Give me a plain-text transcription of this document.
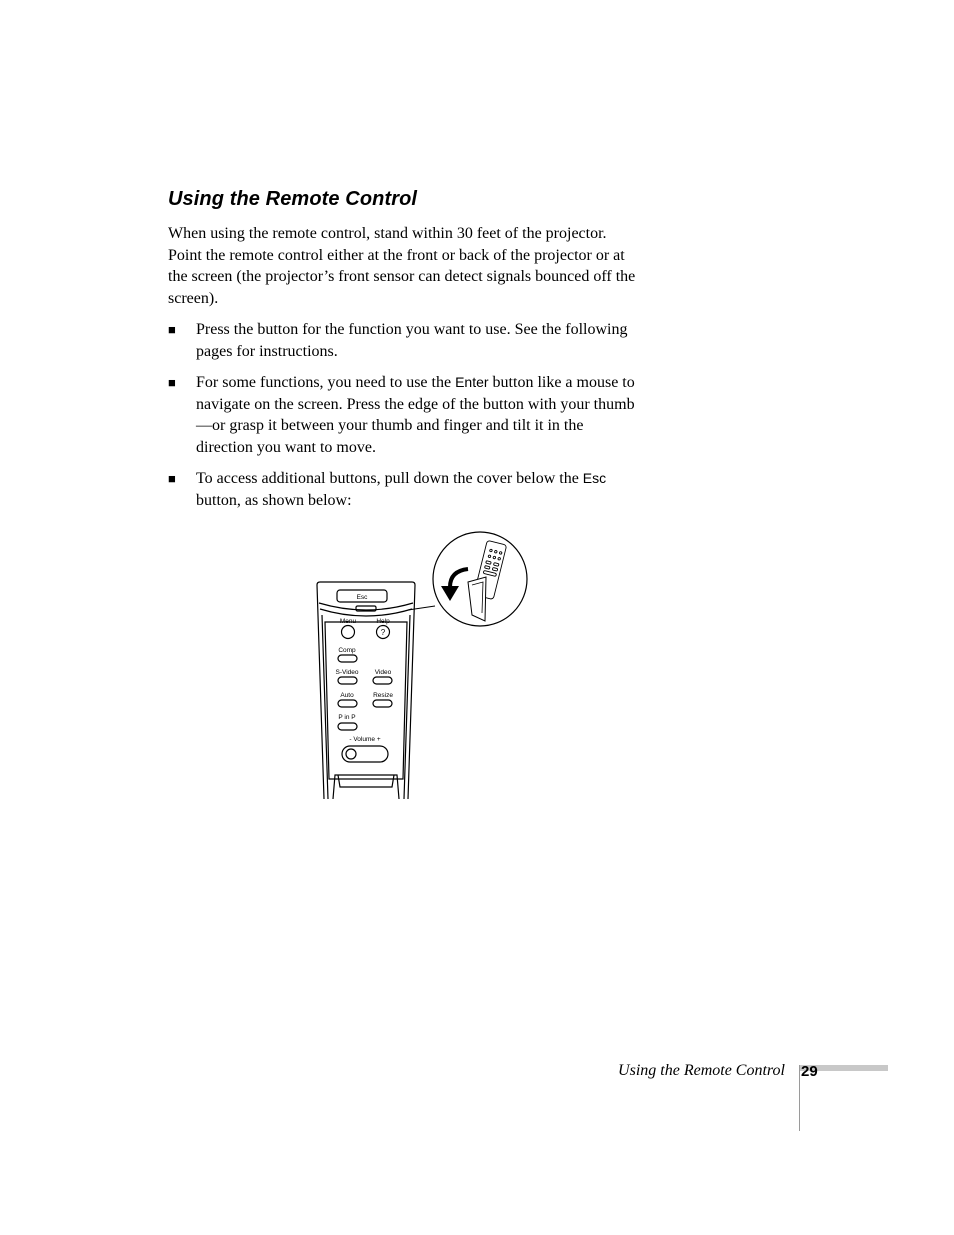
Using the Remote Control

When using the remote control, stand within 30 feet of the projector. Point the remote control either at the front or back of the projector or at the screen (the projector’s front sensor can detect signals bounced off the screen).

■ Press the button for the function you want to use. See the following pages for instructions.
■ For some functions, you need to use the Enter button like a mouse to navigate on the screen. Press the edge of the button with your thumb—or grasp it between your thumb and finger and tilt it in the direction you want to move.
■ To access additional buttons, pull down the cover below the Esc button, as shown below:
Esc
Menu	Help
?
Comp
S-Video Video
Auto	Resize
P in P
- Volume +
Using the Remote Control 29
